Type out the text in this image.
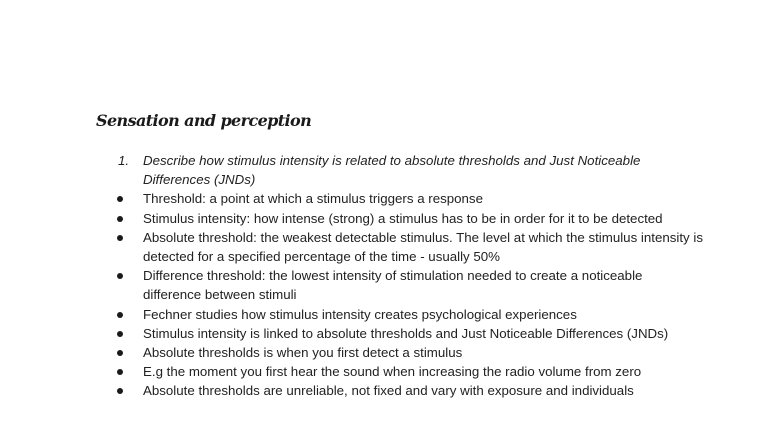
Sensation and perception
1. Describe how stimulus intensity is related to absolute thresholds and Just Noticeable Differences (JNDs)
Threshold: a point at which a stimulus triggers a response
Stimulus intensity: how intense (strong) a stimulus has to be in order for it to be detected
Absolute threshold: the weakest detectable stimulus. The level at which the stimulus intensity is detected for a specified percentage of the time - usually 50%
Difference threshold: the lowest intensity of stimulation needed to create a noticeable difference between stimuli
Fechner studies how stimulus intensity creates psychological experiences
Stimulus intensity is linked to absolute thresholds and Just Noticeable Differences (JNDs)
Absolute thresholds is when you first detect a stimulus
E.g the moment you first hear the sound when increasing the radio volume from zero
Absolute thresholds are unreliable, not fixed and vary with exposure and individuals
